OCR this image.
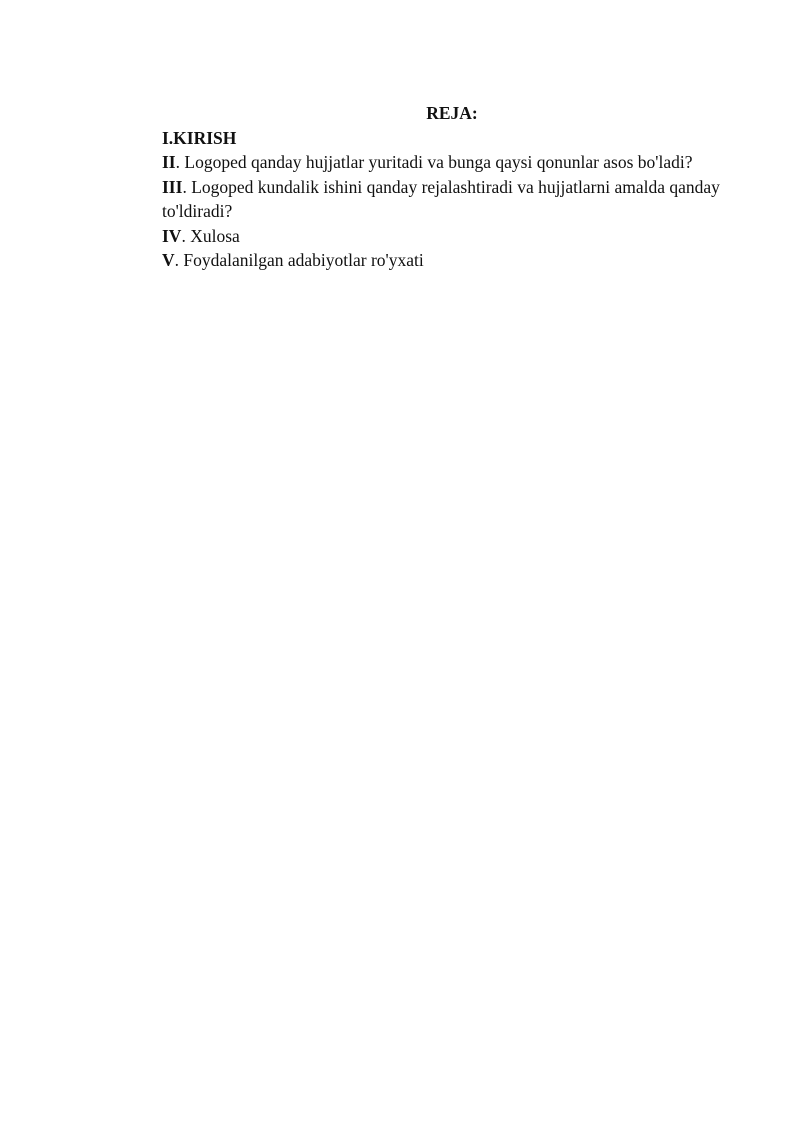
REJA:
I.KIRISH
II. Logoped qanday hujjatlar yuritadi va bunga qaysi qonunlar asos bo'ladi?
III. Logoped kundalik ishini qanday rejalashtiradi va hujjatlarni amalda qanday to'ldiradi?
IV. Xulosa
V. Foydalanilgan adabiyotlar ro'yxati
